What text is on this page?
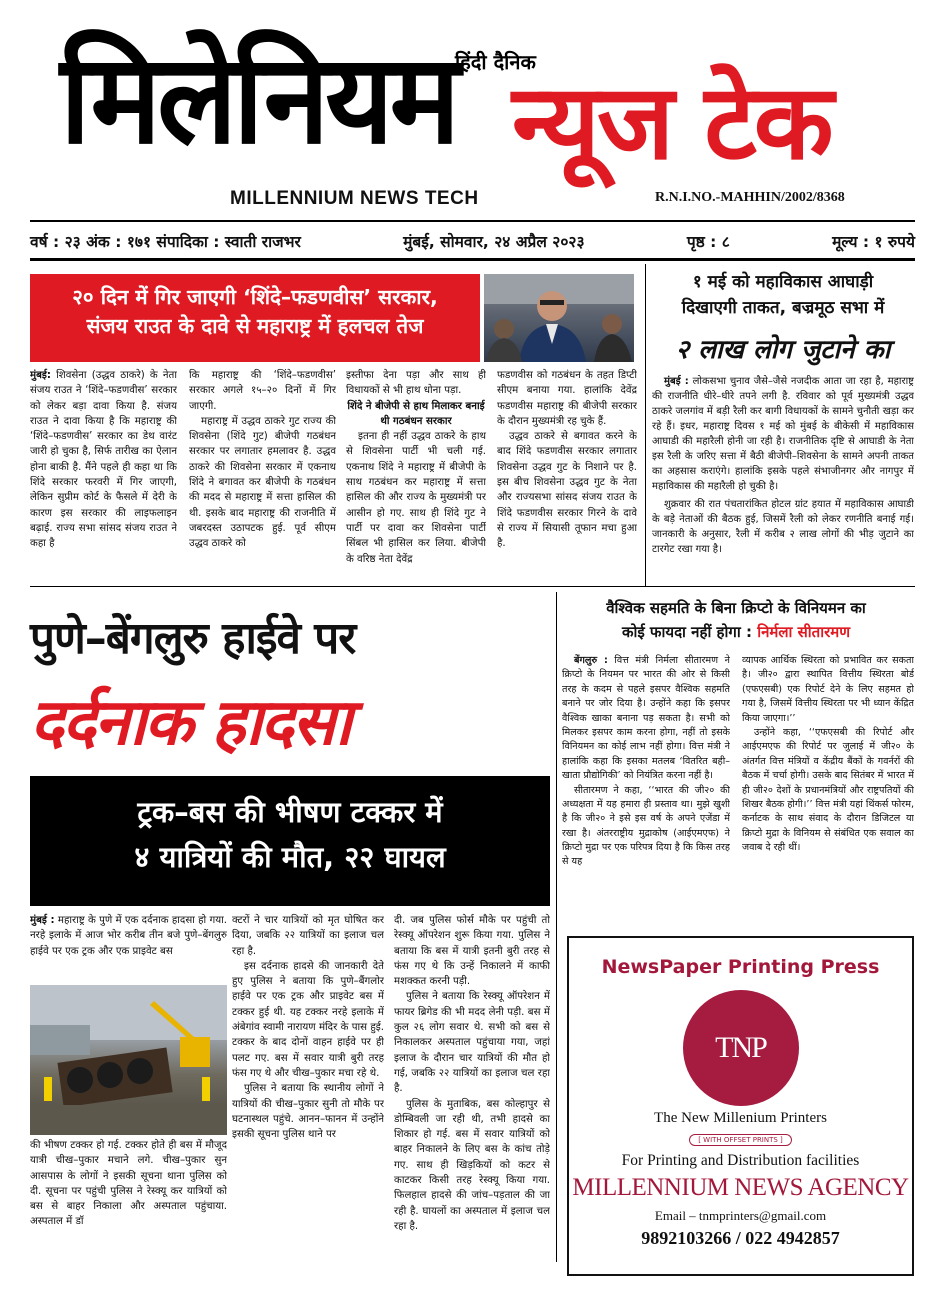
हिंदी दैनिक
मिलेनियम न्यूज टेक
MILLENNIUM NEWS TECH	R.N.I.NO.-MAHHIN/2002/8368
वर्ष : २३ अंक : १७१ संपादिका : स्वाती राजभर	मुंबई, सोमवार, २४ अप्रैल २०२३	पृष्ठ : ८	मूल्य : १ रुपये
२० दिन में गिर जाएगी ‘शिंदे–फडणवीस’ सरकार,
संजय राउत के दावे से महाराष्ट्र में हलचल तेज
मुंबई: शिवसेना (उद्धव ठाकरे) के नेता संजय राउत ने ‘शिंदे–फडणवीस’ सरकार को लेकर बड़ा दावा किया है. संजय राउत ने दावा किया है कि महाराष्ट्र की ‘शिंदे–फडणवीस’ सरकार का डेथ वारंट जारी हो चुका है, सिर्फ तारीख का ऐलान होना बाकी है. मैंने पहले ही कहा था कि शिंदे सरकार फरवरी में गिर जाएगी, लेकिन सुप्रीम कोर्ट के फैसले में देरी के कारण इस सरकार की लाइफलाइन बढ़ाई. राज्य सभा सांसद संजय राउत ने कहा है
कि महाराष्ट्र की ‘शिंदे–फडणवीस’ सरकार अगले १५–२० दिनों में गिर जाएगी.
महाराष्ट्र में उद्धव ठाकरे गुट राज्य की शिवसेना (शिंदे गुट) बीजेपी गठबंधन सरकार पर लगातार हमलावर है. उद्धव ठाकरे की शिवसेना सरकार में एकनाथ शिंदे ने बगावत कर बीजेपी के गठबंधन की मदद से महाराष्ट्र में सत्ता हासिल की थी. इसके बाद महाराष्ट्र की राजनीति में जबरदस्त उठापटक हुई. पूर्व सीएम उद्धव ठाकरे को
इस्तीफा देना पड़ा और साथ ही विधायकों से भी हाथ धोना पड़ा.
शिंदे ने बीजेपी से हाथ मिलाकर बनाई थी गठबंधन सरकार
इतना ही नहीं उद्धव ठाकरे के हाथ से शिवसेना पार्टी भी चली गई. एकनाथ शिंदे ने महाराष्ट्र में बीजेपी के साथ गठबंधन कर महाराष्ट्र में सत्ता हासिल की और राज्य के मुख्यमंत्री पर आसीन हो गए. साथ ही शिंदे गुट ने पार्टी पर दावा कर शिवसेना पार्टी सिंबल भी हासिल कर लिया. बीजेपी के वरिष्ठ नेता देवेंद्र
फडणवीस को गठबंधन के तहत डिप्टी सीएम बनाया गया. हालांकि देवेंद्र फडणवीस महाराष्ट्र की बीजेपी सरकार के दौरान मुख्यमंत्री रह चुके हैं.
उद्धव ठाकरे से बगावत करने के बाद शिंदे फडणवीस सरकार लगातार शिवसेना उद्धव गुट के निशाने पर है. इस बीच शिवसेना उद्धव गुट के नेता और राज्यसभा सांसद संजय राउत के शिंदे फडणवीस सरकार गिरने के दावे से राज्य में सियासी तूफान मचा हुआ है.
१ मई को महाविकास आघाड़ी
दिखाएगी ताकत, बज्रमूठ सभा में
२ लाख लोग जुटाने का
मुंबई : लोकसभा चुनाव जैसे–जैसे नजदीक आता जा रहा है, महाराष्ट्र की राजनीति धीरे–धीरे तपने लगी है. रविवार को पूर्व मुख्यमंत्री उद्धव ठाकरे जलगांव में बड़ी रैली कर बागी विधायकों के सामने चुनौती खड़ा कर रहे हैं। इधर, महाराष्ट्र दिवस १ मई को मुंबई के बीकेसी में महाविकास आघाडी की महारैली होनी जा रही है। राजनीतिक दृष्टि से आघाडी के नेता इस रैली के जरिए सत्ता में बैठी बीजेपी–शिवसेना के सामने अपनी ताकत का अहसास कराएंगे। हालांकि इसके पहले संभाजीनगर और नागपुर में महाविकास की महारैली हो चुकी है।
शुक्रवार की रात पंचतारांकित होटल ग्रांट हयात में महाविकास आघाडी के बड़े नेताओं की बैठक हुई, जिसमें रैली को लेकर रणनीति बनाई गई। जानकारी के अनुसार, रैली में करीब २ लाख लोगों की भीड़ जुटाने का टारगेट रखा गया है।
पुणे–बेंगलुरु हाईवे पर
दर्दनाक हादसा
ट्रक–बस की भीषण टक्कर में
४ यात्रियों की मौत, २२ घायल
मुंबई : महाराष्ट्र के पुणे में एक दर्दनाक हादसा हो गया. नरहे इलाके में आज भोर करीब तीन बजे पुणे–बेंगलुरु हाईवे पर एक ट्रक और एक प्राइवेट बस
की भीषण टक्कर हो गई. टक्कर होते ही बस में मौजूद यात्री चीख–पुकार मचाने लगे. चीख–पुकार सुन आसपास के लोगों ने इसकी सूचना थाना पुलिस को दी. सूचना पर पहुंची पुलिस ने रेस्क्यू कर यात्रियों को बस से बाहर निकाला और अस्पताल पहुंचाया. अस्पताल में डॉ
क्टरों ने चार यात्रियों को मृत घोषित कर दिया, जबकि २२ यात्रियों का इलाज चल रहा है.
इस दर्दनाक हादसे की जानकारी देते हुए पुलिस ने बताया कि पुणे–बैंगलोर हाईवे पर एक ट्रक और प्राइवेट बस में टक्कर हुई थी. यह टक्कर नरहे इलाके में अंबेगांव स्वामी नारायण मंदिर के पास हुई. टक्कर के बाद दोनों वाहन हाईवे पर ही पलट गए. बस में सवार यात्री बुरी तरह फंस गए थे और चीख–पुकार मचा रहे थे.
पुलिस ने बताया कि स्थानीय लोगों ने यात्रियों की चीख–पुकार सुनी तो मौके पर घटनास्थल पहुंचे. आनन–फानन में उन्होंने इसकी सूचना पुलिस थाने पर
दी. जब पुलिस फोर्स मौके पर पहुंची तो रेस्क्यू ऑपरेशन शुरू किया गया. पुलिस ने बताया कि बस में यात्री इतनी बुरी तरह से फंस गए थे कि उन्हें निकालने में काफी मशक्कत करनी पड़ी.
पुलिस ने बताया कि रेस्क्यू ऑपरेशन में फायर ब्रिगेड की भी मदद लेनी पड़ी. बस में कुल २६ लोग सवार थे. सभी को बस से निकालकर अस्पताल पहुंचाया गया, जहां इलाज के दौरान चार यात्रियों की मौत हो गई, जबकि २२ यात्रियों का इलाज चल रहा है.
पुलिस के मुताबिक, बस कोल्हापुर से डोम्बिवली जा रही थी, तभी हादसे का शिकार हो गई. बस में सवार यात्रियों को बाहर निकालने के लिए बस के कांच तोड़े गए. साथ ही खिड़कियों को कटर से काटकर किसी तरह रेस्क्यू किया गया. फिलहाल हादसे की जांच–पड़ताल की जा रही है. घायलों का अस्पताल में इलाज चल रहा है.
वैश्विक सहमति के बिना क्रिप्टो के विनियमन का
कोई फायदा नहीं होगा : निर्मला सीतारमण
बेंगलुरु : वित्त मंत्री निर्मला सीतारमण ने क्रिप्टो के नियमन पर भारत की ओर से किसी तरह के कदम से पहले इसपर वैश्विक सहमति बनाने पर जोर दिया है। उन्होंने कहा कि इसपर वैश्विक खाका बनाना पड़ सकता है। सभी को मिलकर इसपर काम करना होगा, नहीं तो इसके विनियमन का कोई लाभ नहीं होगा। वित्त मंत्री ने हालांकि कहा कि इसका मतलब ‘वितरित बही–खाता प्रौद्योगिकी’ को नियंत्रित करना नहीं है।
सीतारमण ने कहा, ‘‘भारत की जी२० की अध्यक्षता में यह हमारा ही प्रस्ताव था। मुझे खुशी है कि जी२० ने इसे इस वर्ष के अपने एजेंडा में रखा है। अंतरराष्ट्रीय मुद्राकोष (आईएमएफ) ने क्रिप्टो मुद्रा पर एक परिपत्र दिया है कि किस तरह से यह
व्यापक आर्थिक स्थिरता को प्रभावित कर सकता है। जी२० द्वारा स्थापित वित्तीय स्थिरता बोर्ड (एफएसबी) एक रिपोर्ट देने के लिए सहमत हो गया है, जिसमें वित्तीय स्थिरता पर भी ध्यान केंद्रित किया जाएगा।’’
उन्होंने कहा, ‘‘एफएसबी की रिपोर्ट और आईएमएफ की रिपोर्ट पर जुलाई में जी२० के अंतर्गत वित्त मंत्रियों व केंद्रीय बैंकों के गवर्नरों की बैठक में चर्चा होगी। उसके बाद सितंबर में भारत में ही जी२० देशों के प्रधानमंत्रियों और राष्ट्रपतियों की शिखर बैठक होगी।’’ वित्त मंत्री यहां थिंकर्स फोरम, कर्नाटक के साथ संवाद के दौरान डिजिटल या क्रिप्टो मुद्रा के विनियम से संबंधित एक सवाल का जवाब दे रही थीं।
NewsPaper Printing Press
TNP
The New Millenium Printers
[ WITH OFFSET PRINTS ]
For Printing and Distribution facilities
MILLENNIUM NEWS AGENCY
Email – tnmprinters@gmail.com
9892103266 / 022 4942857
